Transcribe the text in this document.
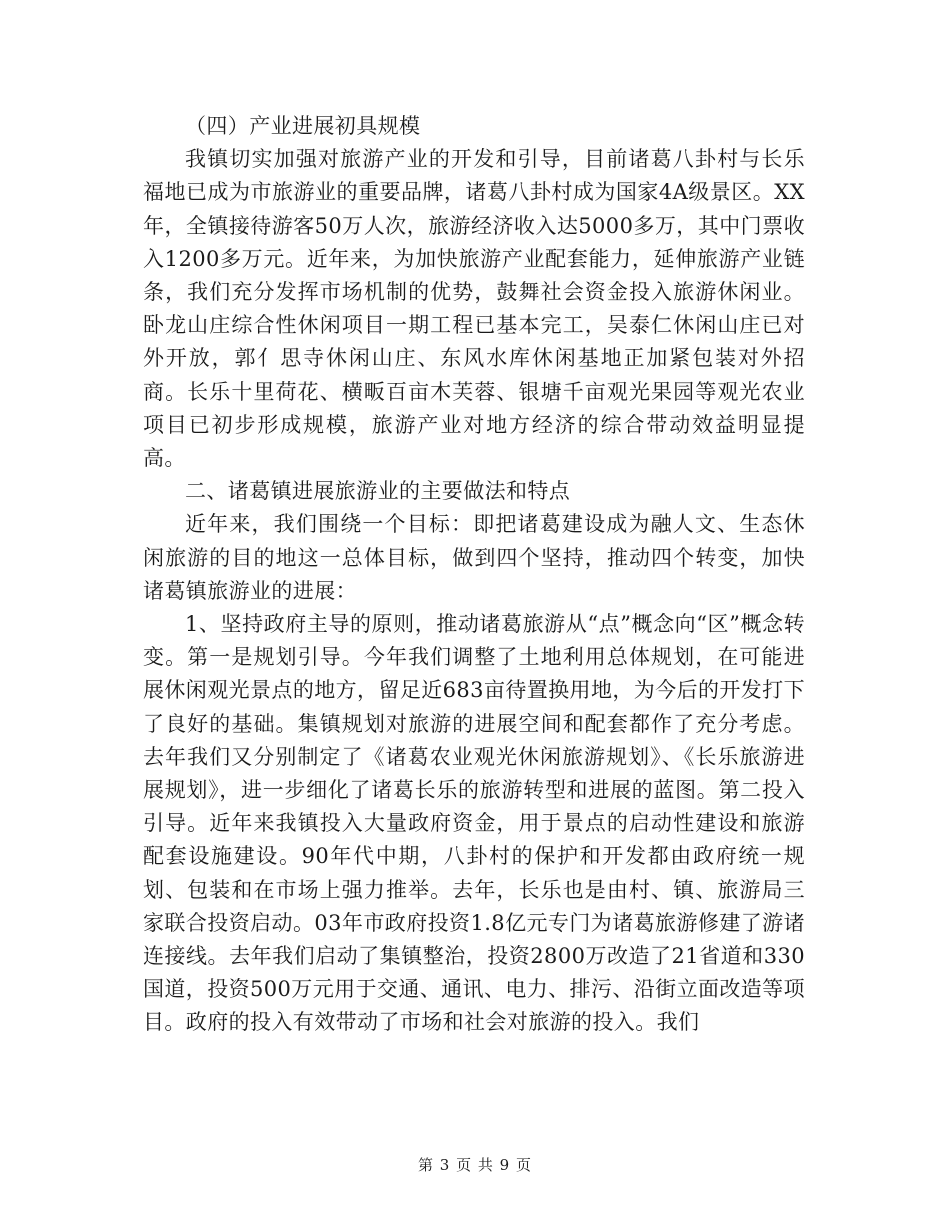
（四）产业进展初具规模

我镇切实加强对旅游产业的开发和引导，目前诸葛八卦村与长乐福地已成为市旅游业的重要品牌，诸葛八卦村成为国家4A级景区。XX年，全镇接待游客50万人次，旅游经济收入达5000多万，其中门票收入1200多万元。近年来，为加快旅游产业配套能力，延伸旅游产业链条，我们充分发挥市场机制的优势，鼓舞社会资金投入旅游休闲业。卧龙山庄综合性休闲项目一期工程已基本完工，吴泰仁休闲山庄已对外开放，郭亻思寺休闲山庄、东风水库休闲基地正加紧包装对外招商。长乐十里荷花、横畈百亩木芙蓉、银塘千亩观光果园等观光农业项目已初步形成规模，旅游产业对地方经济的综合带动效益明显提高。

二、诸葛镇进展旅游业的主要做法和特点

近年来，我们围绕一个目标：即把诸葛建设成为融人文、生态休闲旅游的目的地这一总体目标，做到四个坚持，推动四个转变，加快诸葛镇旅游业的进展：

1、坚持政府主导的原则，推动诸葛旅游从“点”概念向“区”概念转变。第一是规划引导。今年我们调整了土地利用总体规划，在可能进展休闲观光景点的地方，留足近683亩待置换用地，为今后的开发打下了良好的基础。集镇规划对旅游的进展空间和配套都作了充分考虑。去年我们又分别制定了《诸葛农业观光休闲旅游规划》、《长乐旅游进展规划》，进一步细化了诸葛长乐的旅游转型和进展的蓝图。第二投入引导。近年来我镇投入大量政府资金，用于景点的启动性建设和旅游配套设施建设。90年代中期，八卦村的保护和开发都由政府统一规划、包装和在市场上强力推举。去年，长乐也是由村、镇、旅游局三家联合投资启动。03年市政府投资1.8亿元专门为诸葛旅游修建了游诸连接线。去年我们启动了集镇整治，投资2800万改造了21省道和330国道，投资500万元用于交通、通讯、电力、排污、沿街立面改造等项目。政府的投入有效带动了市场和社会对旅游的投入。我们

第 3 页 共 9 页
